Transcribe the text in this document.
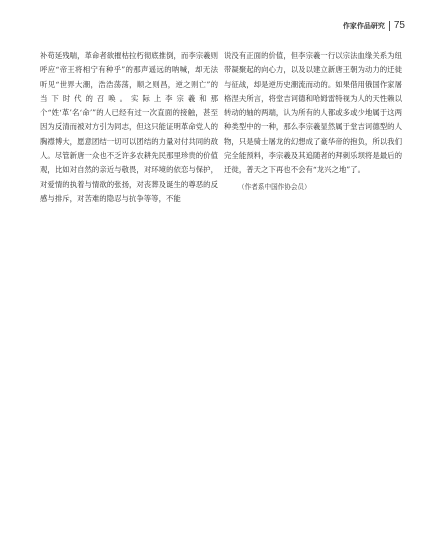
作家作品研究 75

补苟延残喘，革命者欲摧枯拉朽彻底推倒，而李宗羲则呼应“帝王将相宁有种乎”的那声遥远的呐喊，却无法听见“世界大潮，浩浩荡荡，顺之则昌，逆之则亡”的当下时代的召唤。实际上李宗羲和那个“姓‘革’名‘命’”的人已经有过一次直面的接触，甚至因为反清而被对方引为同志，但这只能证明革命党人的胸襟博大，愿意团结一切可以团结的力量对付共同的敌人。尽管新唐一众也不乏许多农耕先民那里珍贵的价值观，比如对自然的亲近与敬畏，对环境的依恋与保护，对爱情的执着与情欲的张扬，对丧葬及诞生的尊恶的反感与排斥，对苦难的隐忍与抗争等等，不能

说没有正面的价值，但李宗羲一行以宗法血缘关系为纽带凝聚起的向心力，以及以建立新唐王朝为动力的迁徙与征战，却是逆历史潮流而动的。如果借用俄国作家屠格涅夫所言，将堂吉诃德和哈姆雷特视为人的天性赖以转动的轴的两端，认为所有的人都或多或少地属于这两种类型中的一种，那么李宗羲显然属于堂吉诃德型的人物，只是骑士屠龙的幻想成了豪华帝的抱负，所以我们完全能预料，李宗羲及其追随者的拜刺乐坝将是最后的迁徙，普天之下再也不会有“龙兴之地”了。

（作者系中国作协会员）
